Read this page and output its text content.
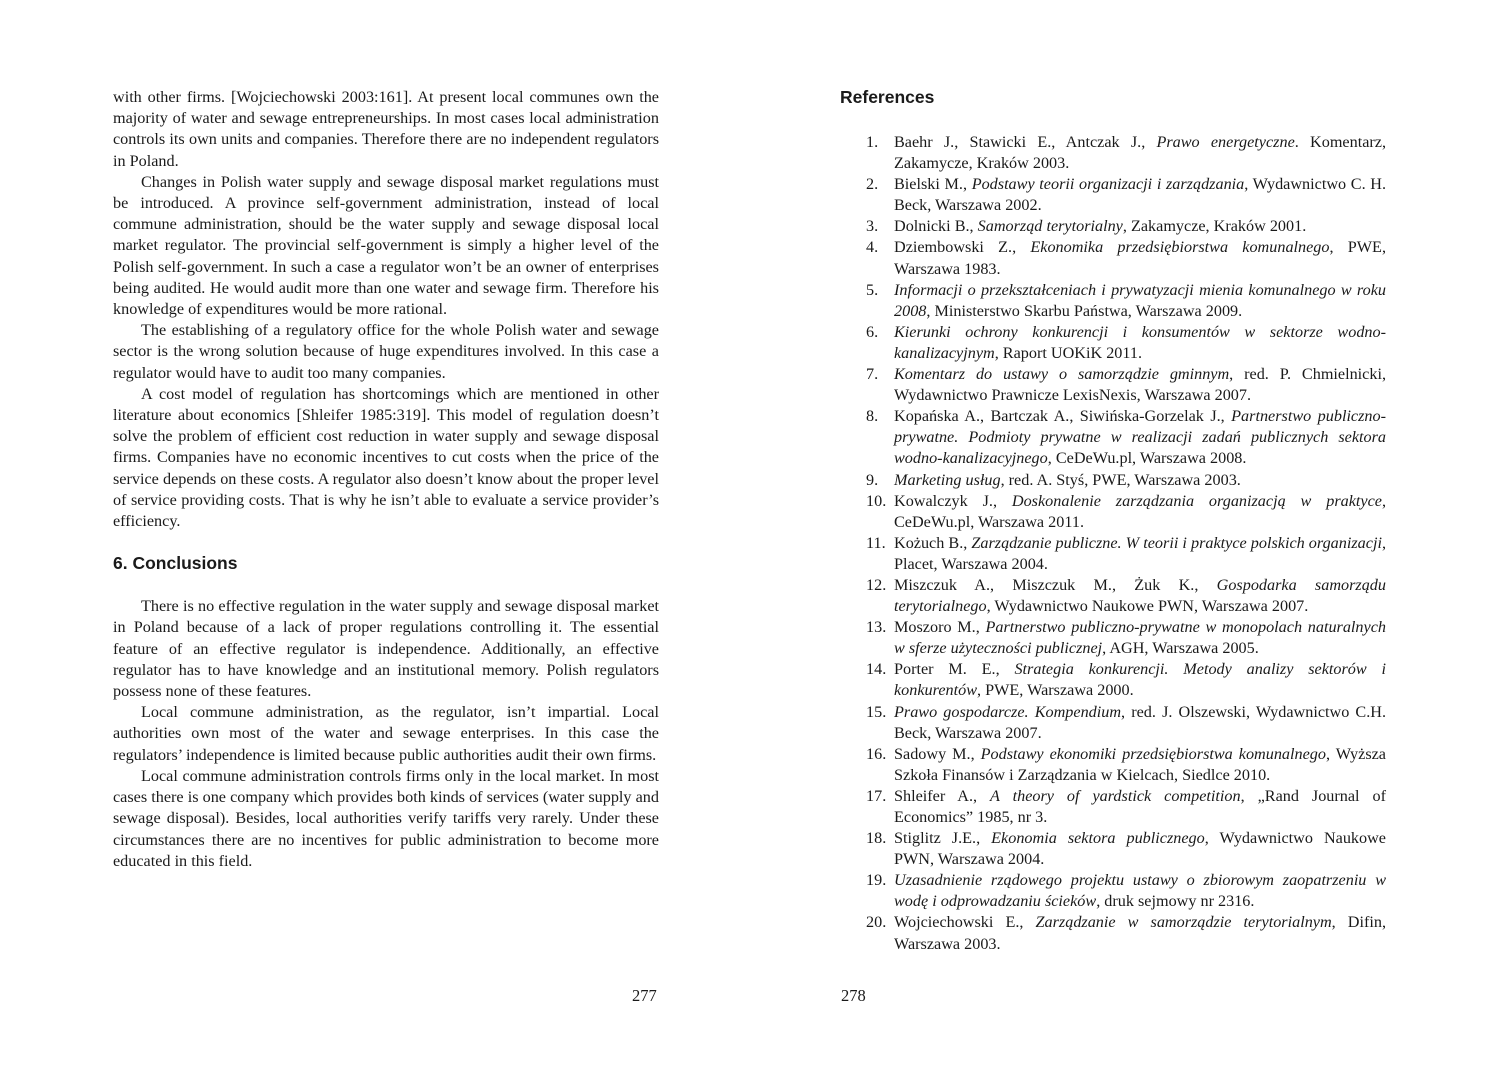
with other firms. [Wojciechowski 2003:161]. At present local communes own the majority of water and sewage entrepreneurships. In most cases local administration controls its own units and companies. Therefore there are no independent regulators in Poland.

Changes in Polish water supply and sewage disposal market regulations must be introduced. A province self-government administration, instead of local commune administration, should be the water supply and sewage disposal local market regulator. The provincial self-government is simply a higher level of the Polish self-government. In such a case a regulator won’t be an owner of enterprises being audited. He would audit more than one water and sewage firm. Therefore his knowledge of expenditures would be more rational.

The establishing of a regulatory office for the whole Polish water and sewage sector is the wrong solution because of huge expenditures involved. In this case a regulator would have to audit too many companies.

A cost model of regulation has shortcomings which are mentioned in other literature about economics [Shleifer 1985:319]. This model of regulation doesn’t solve the problem of efficient cost reduction in water supply and sewage disposal firms. Companies have no economic incentives to cut costs when the price of the service depends on these costs. A regulator also doesn’t know about the proper level of service providing costs. That is why he isn’t able to evaluate a service provider’s efficiency.

6. Conclusions

There is no effective regulation in the water supply and sewage disposal market in Poland because of a lack of proper regulations controlling it. The essential feature of an effective regulator is independence. Additionally, an effective regulator has to have knowledge and an institutional memory. Polish regulators possess none of these features.

Local commune administration, as the regulator, isn’t impartial. Local authorities own most of the water and sewage enterprises. In this case the regulators’ independence is limited because public authorities audit their own firms.

Local commune administration controls firms only in the local market. In most cases there is one company which provides both kinds of services (water supply and sewage disposal). Besides, local authorities verify tariffs very rarely. Under these circumstances there are no incentives for public administration to become more educated in this field.

277
References
1. Baehr J., Stawicki E., Antczak J., Prawo energetyczne. Komentarz, Zakamycze, Kraków 2003.
2. Bielski M., Podstawy teorii organizacji i zarządzania, Wydawnictwo C. H. Beck, Warszawa 2002.
3. Dolnicki B., Samorząd terytorialny, Zakamycze, Kraków 2001.
4. Dziembowski Z., Ekonomika przedsiębiorstwa komunalnego, PWE, Warszawa 1983.
5. Informacji o przekształceniach i prywatyzacji mienia komunalnego w roku 2008, Ministerstwo Skarbu Państwa, Warszawa 2009.
6. Kierunki ochrony konkurencji i konsumentów w sektorze wodno-kanalizacyjnym, Raport UOKiK 2011.
7. Komentarz do ustawy o samorządzie gminnym, red. P. Chmielnicki, Wydawnictwo Prawnicze LexisNexis, Warszawa 2007.
8. Kopańska A., Bartczak A., Siwińska-Gorzelak J., Partnerstwo publiczno-prywatne. Podmioty prywatne w realizacji zadań publicznych sektora wodno-kanalizacyjnego, CeDeWu.pl, Warszawa 2008.
9. Marketing usług, red. A. Styś, PWE, Warszawa 2003.
10. Kowalczyk J., Doskonalenie zarządzania organizacją w praktyce, CeDeWu.pl, Warszawa 2011.
11. Kożuch B., Zarządzanie publiczne. W teorii i praktyce polskich organizacji, Placet, Warszawa 2004.
12. Miszczuk A., Miszczuk M., Żuk K., Gospodarka samorządu terytorialnego, Wydawnictwo Naukowe PWN, Warszawa 2007.
13. Moszoro M., Partnerstwo publiczno-prywatne w monopolach naturalnych w sferze użyteczności publicznej, AGH, Warszawa 2005.
14. Porter M. E., Strategia konkurencji. Metody analizy sektorów i konkurentów, PWE, Warszawa 2000.
15. Prawo gospodarcze. Kompendium, red. J. Olszewski, Wydawnictwo C.H. Beck, Warszawa 2007.
16. Sadowy M., Podstawy ekonomiki przedsiębiorstwa komunalnego, Wyższa Szkoła Finansów i Zarządzania w Kielcach, Siedlce 2010.
17. Shleifer A., A theory of yardstick competition, „Rand Journal of Economics” 1985, nr 3.
18. Stiglitz J.E., Ekonomia sektora publicznego, Wydawnictwo Naukowe PWN, Warszawa 2004.
19. Uzasadnienie rządowego projektu ustawy o zbiorowym zaopatrzeniu w wodę i odprowadzaniu ścieków, druk sejmowy nr 2316.
20. Wojciechowski E., Zarządzanie w samorządzie terytorialnym, Difin, Warszawa 2003.
278
